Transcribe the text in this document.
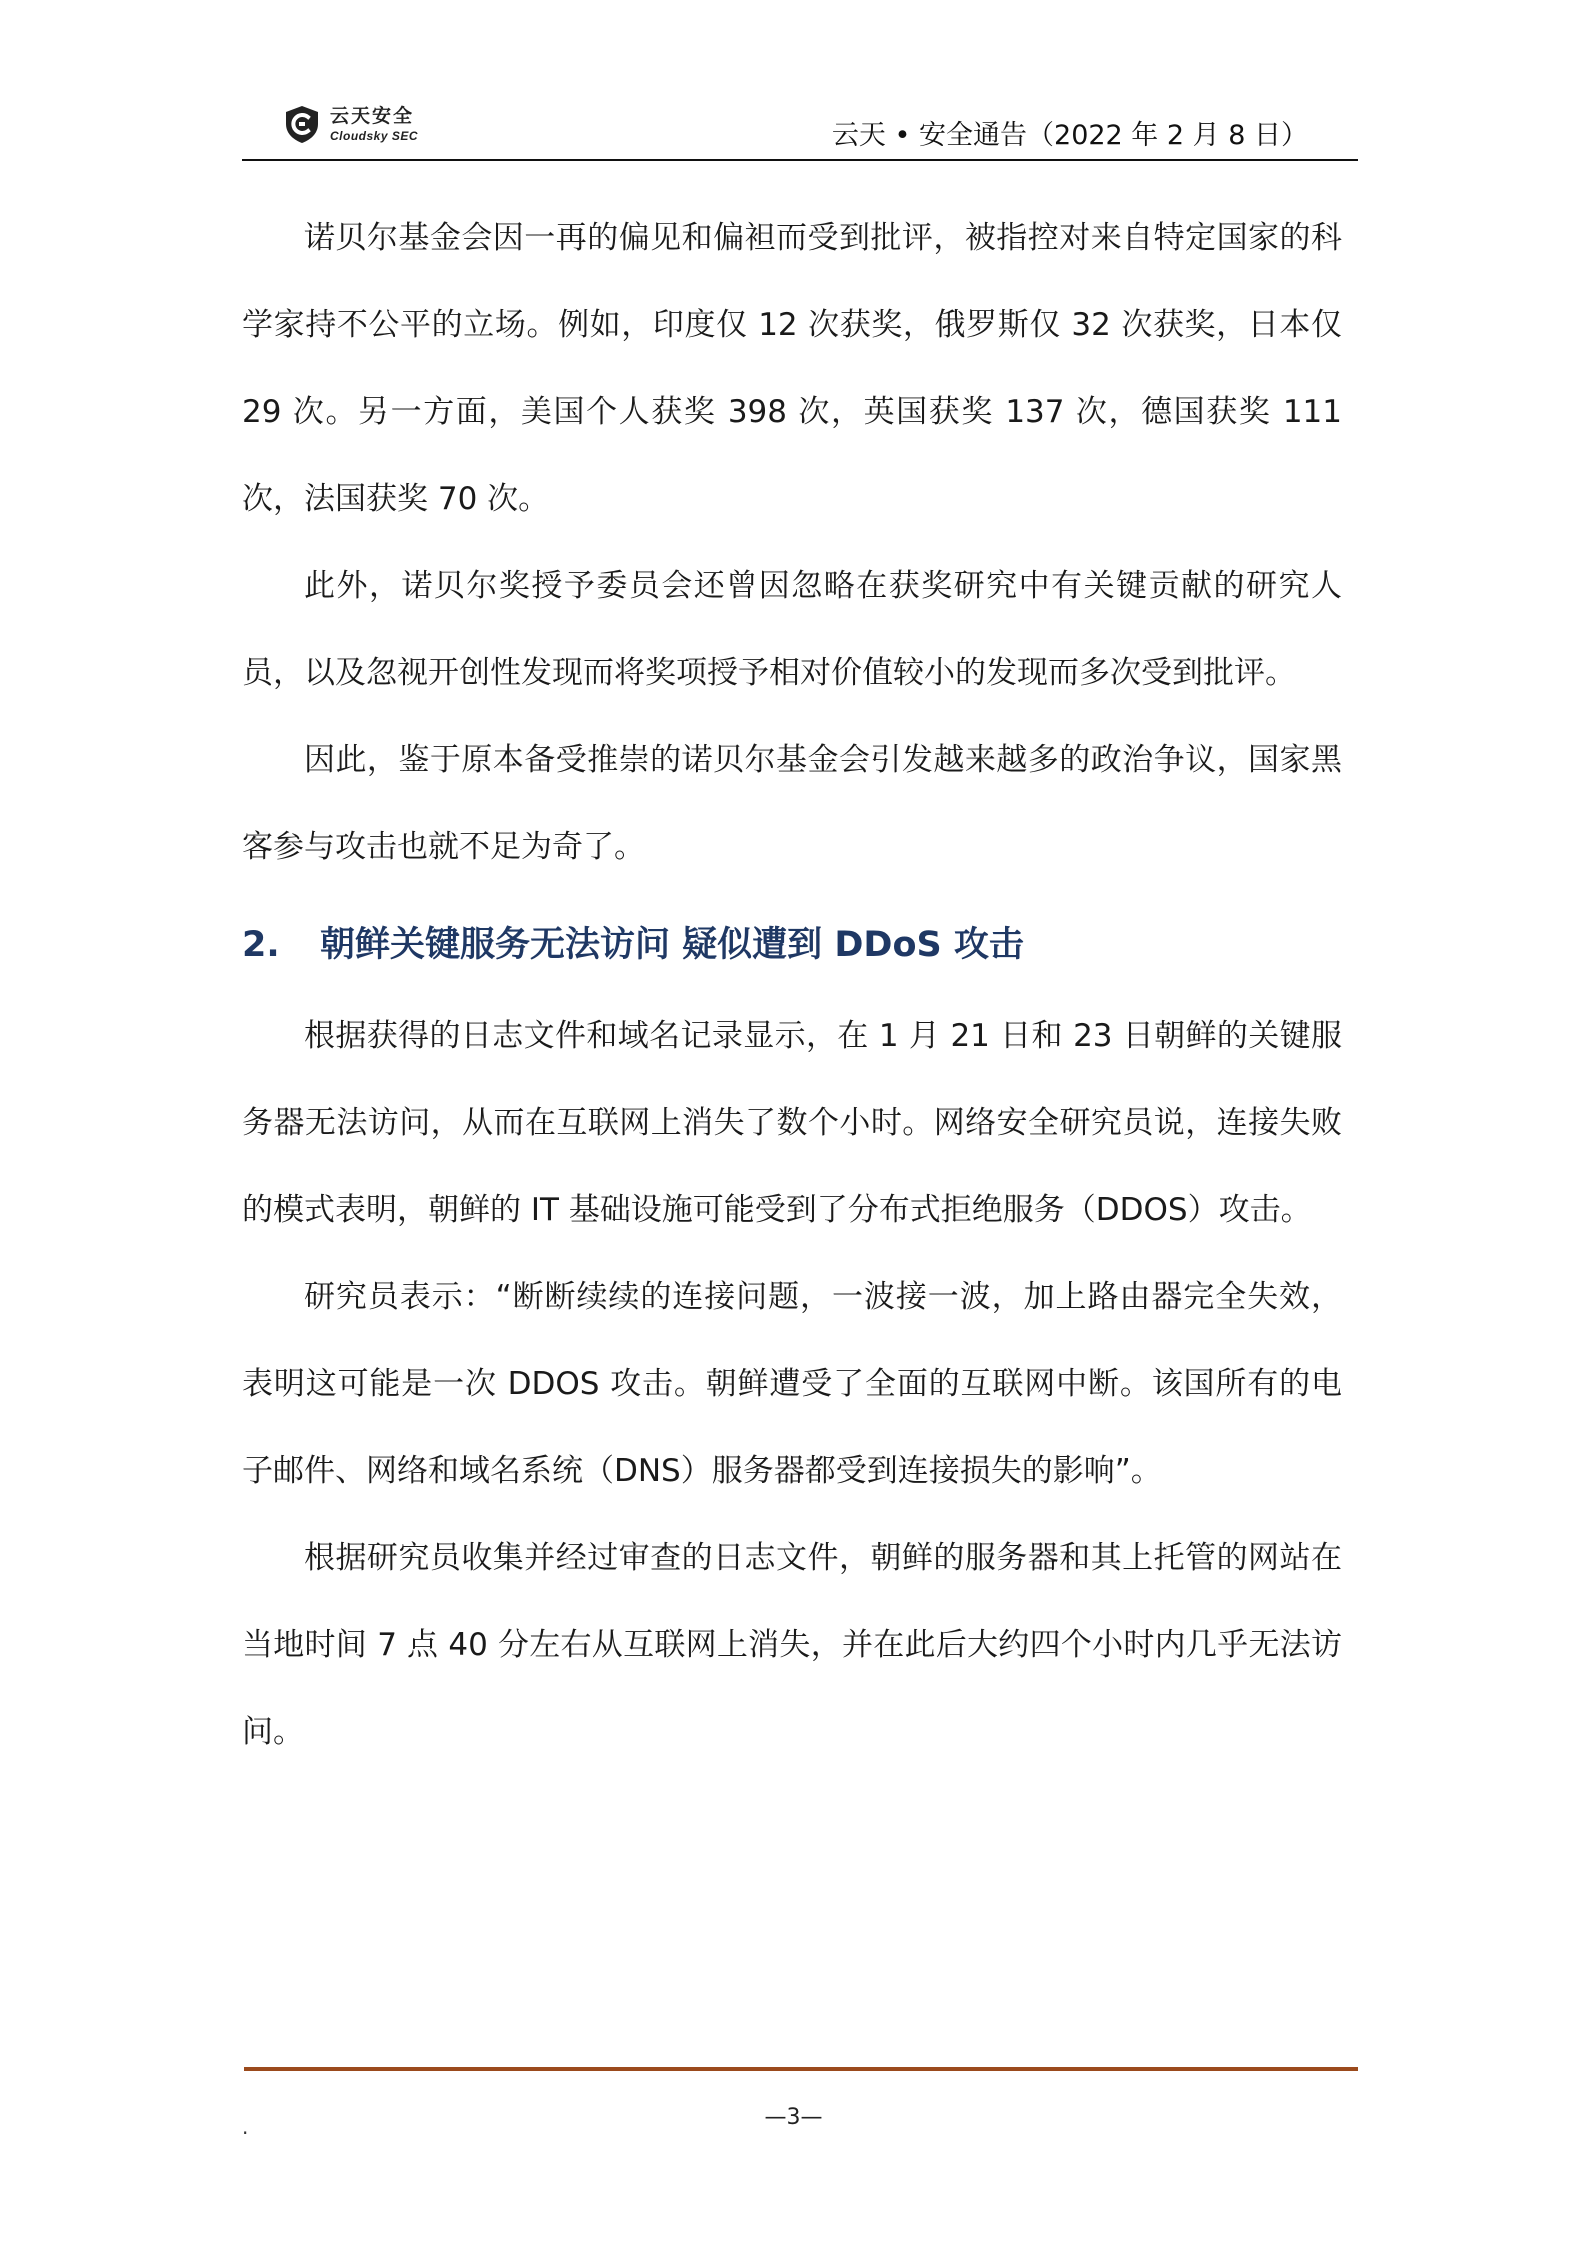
云天安全
Cloudsky SEC	云天 • 安全通告（2022 年 2 月 8 日）

诺贝尔基金会因一再的偏见和偏袒而受到批评，被指控对来自特定国家的科学家持不公平的立场。例如，印度仅 12 次获奖，俄罗斯仅 32 次获奖，日本仅 29 次。另一方面，美国个人获奖 398 次，英国获奖 137 次，德国获奖 111 次，法国获奖 70 次。

此外，诺贝尔奖授予委员会还曾因忽略在获奖研究中有关键贡献的研究人员，以及忽视开创性发现而将奖项授予相对价值较小的发现而多次受到批评。

因此，鉴于原本备受推崇的诺贝尔基金会引发越来越多的政治争议，国家黑客参与攻击也就不足为奇了。

2.	朝鲜关键服务无法访问 疑似遭到 DDoS 攻击

根据获得的日志文件和域名记录显示，在 1 月 21 日和 23 日朝鲜的关键服务器无法访问，从而在互联网上消失了数个小时。网络安全研究员说，连接失败的模式表明，朝鲜的 IT 基础设施可能受到了分布式拒绝服务（DDOS）攻击。

研究员表示：“断断续续的连接问题，一波接一波，加上路由器完全失效，表明这可能是一次 DDOS 攻击。朝鲜遭受了全面的互联网中断。该国所有的电子邮件、网络和域名系统（DNS）服务器都受到连接损失的影响”。

根据研究员收集并经过审查的日志文件，朝鲜的服务器和其上托管的网站在当地时间 7 点 40 分左右从互联网上消失，并在此后大约四个小时内几乎无法访问。

.	—3—
